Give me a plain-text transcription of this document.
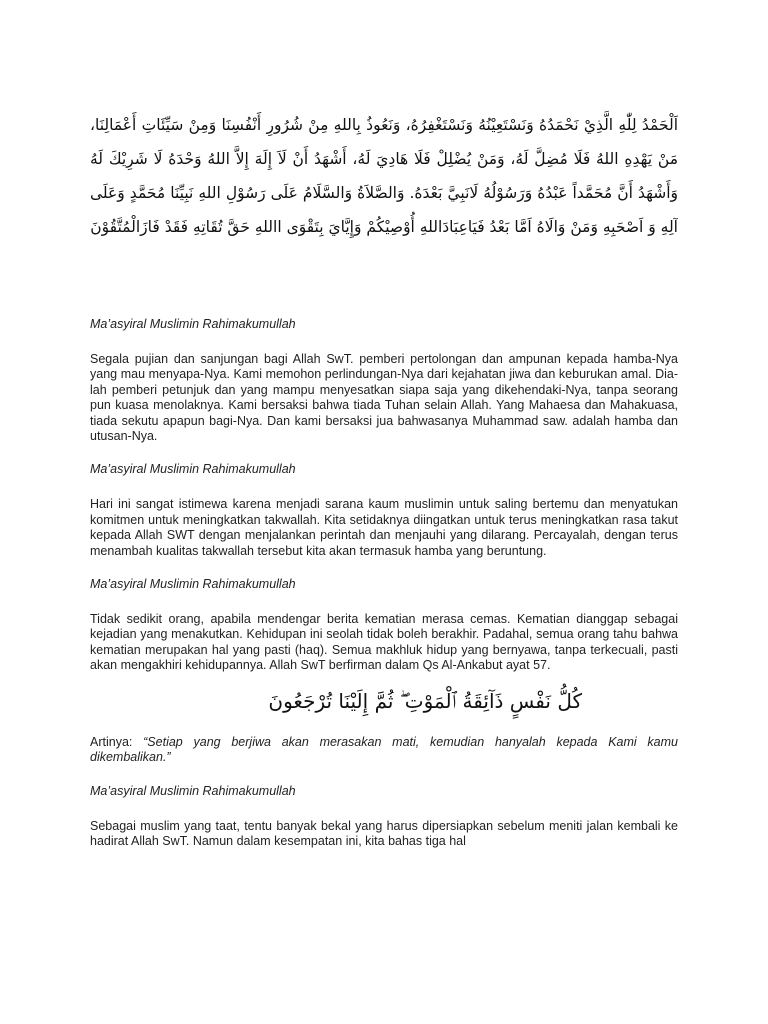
اَلْحَمْدُ لِلّٰهِ الَّذِيْ نَحْمَدُهُ وَنَسْتَعِيْنُهُ وَنَسْتَغْفِرُهُ، وَنَعُوذُ بِاللهِ مِنْ شُرُورِ أَنْفُسِنَا وَمِنْ سَيِّئَاتِ أَعْمَالِنَا، مَنْ يَهْدِهِ اللهُ فَلَا مُضِلَّ لَهُ، وَمَنْ يُضْلِلْ فَلَا هَادِيَ لَهُ، أَشْهَدُ أَنْ لَاَ إِلَهَ إِلاَّ اللهُ وَحْدَهُ لَا شَرِيْكَ لَهُ وَأَشْهَدُ أَنَّ مُحَمَّداً عَبْدُهُ وَرَسُوْلُهُ لَانَبِيَّ بَعْدَهُ. وَالصَّلاَةُ وَالسَّلَامُ عَلَى رَسُوْلِ اللهِ نَبِيِّنَا مُحَمَّدٍ وَعَلَى آلِهِ وَ اَصْحَبِهِ وَمَنْ وَالَاهُ اَمَّا بَعْدُ فَيَاعِبَادَاللهِ أُوْصِيْكُمْ وَإِيَّايَ بِتَقْوَى االلهِ حَقَّ تُقَاتِهِ فَقَدْ فَازَالْمُتَّقُوْنَ

Ma’asyiral Muslimin Rahimakumullah

Segala pujian dan sanjungan bagi Allah SwT. pemberi pertolongan dan ampunan kepada hamba-Nya yang mau menyapa-Nya. Kami memohon perlindungan-Nya dari kejahatan jiwa dan keburukan amal. Dia-lah pemberi petunjuk dan yang mampu menyesatkan siapa saja yang dikehendaki-Nya, tanpa seorang pun kuasa menolaknya. Kami bersaksi bahwa tiada Tuhan selain Allah. Yang Mahaesa dan Mahakuasa, tiada sekutu apapun bagi-Nya. Dan kami bersaksi jua bahwasanya Muhammad saw. adalah hamba dan utusan-Nya.

Ma’asyiral Muslimin Rahimakumullah

Hari ini sangat istimewa karena menjadi sarana kaum muslimin untuk saling bertemu dan menyatukan komitmen untuk meningkatkan takwallah. Kita setidaknya diingatkan untuk terus meningkatkan rasa takut kepada Allah SWT dengan menjalankan perintah dan menjauhi yang dilarang. Percayalah, dengan terus menambah kualitas takwallah tersebut kita akan termasuk hamba yang beruntung.

Ma’asyiral Muslimin Rahimakumullah

Tidak sedikit orang, apabila mendengar berita kematian merasa cemas. Kematian dianggap sebagai kejadian yang menakutkan. Kehidupan ini seolah tidak boleh berakhir. Padahal, semua orang tahu bahwa kematian merupakan hal yang pasti (haq). Semua makhluk hidup yang bernyawa, tanpa terkecuali, pasti akan mengakhiri kehidupannya. Allah SwT berfirman dalam Qs Al-Ankabut ayat 57.

كُلُّ نَفْسٍ ذَآئِقَةُ ٱلْمَوْتِ ۖ ثُمَّ إِلَيْنَا تُرْجَعُونَ

Artinya: “Setiap yang berjiwa akan merasakan mati, kemudian hanyalah kepada Kami kamu dikembalikan.”

Ma’asyiral Muslimin Rahimakumullah

Sebagai muslim yang taat, tentu banyak bekal yang harus dipersiapkan sebelum meniti jalan kembali ke hadirat Allah SwT. Namun dalam kesempatan ini, kita bahas tiga hal
